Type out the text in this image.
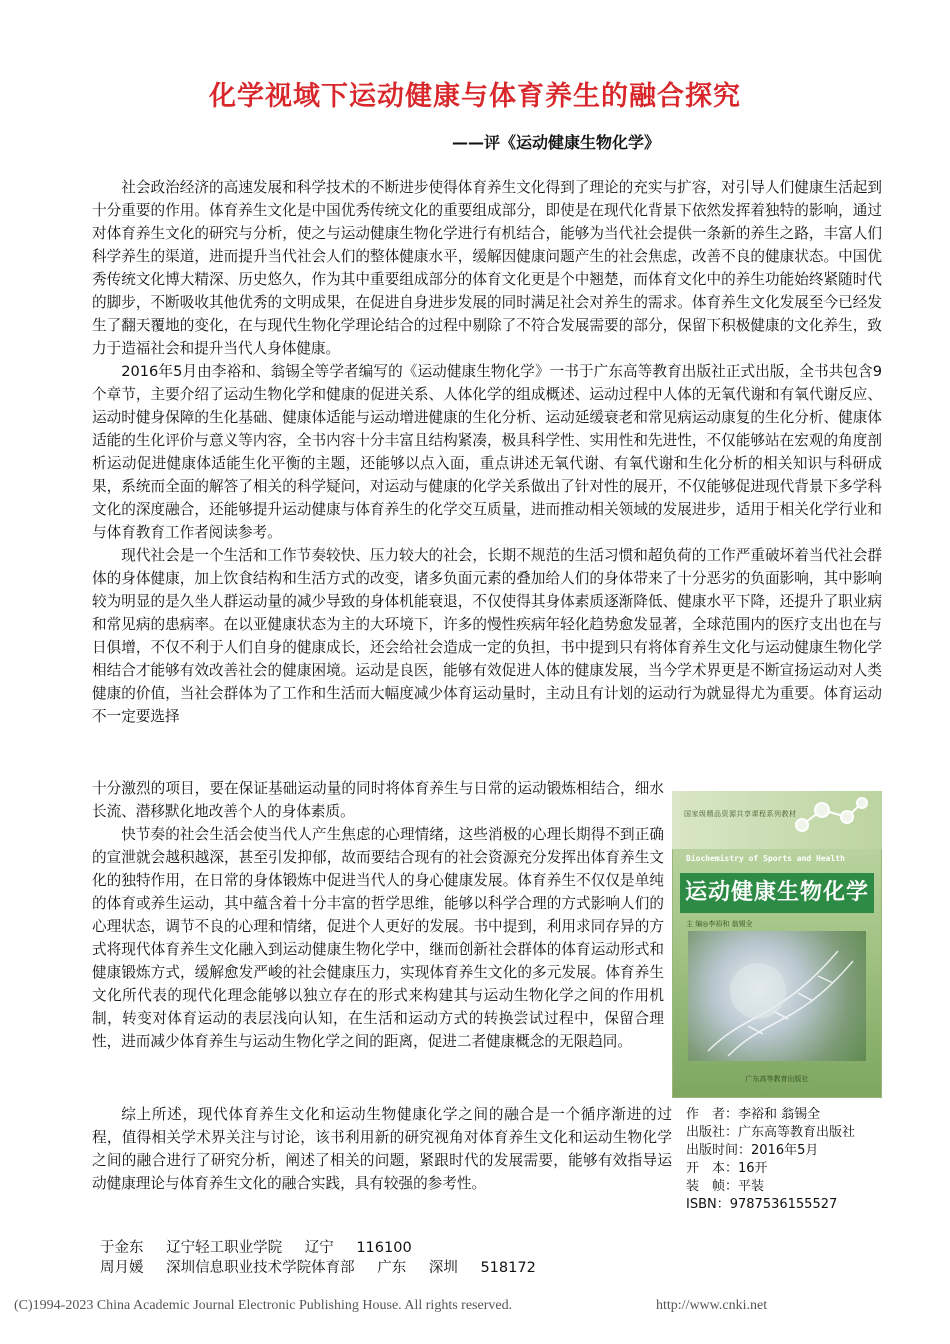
化学视域下运动健康与体育养生的融合探究
——评《运动健康生物化学》

社会政治经济的高速发展和科学技术的不断进步使得体育养生文化得到了理论的充实与扩容，对引导人们健康生活起到十分重要的作用。体育养生文化是中国优秀传统文化的重要组成部分，即使是在现代化背景下依然发挥着独特的影响，通过对体育养生文化的研究与分析，使之与运动健康生物化学进行有机结合，能够为当代社会提供一条新的养生之路，丰富人们科学养生的渠道，进而提升当代社会人们的整体健康水平，缓解因健康问题产生的社会焦虑，改善不良的健康状态。中国优秀传统文化博大精深、历史悠久，作为其中重要组成部分的体育文化更是个中翘楚，而体育文化中的养生功能始终紧随时代的脚步，不断吸收其他优秀的文明成果，在促进自身进步发展的同时满足社会对养生的需求。体育养生文化发展至今已经发生了翻天覆地的变化，在与现代生物化学理论结合的过程中剔除了不符合发展需要的部分，保留下积极健康的文化养生，致力于造福社会和提升当代人身体健康。

2016年5月由李裕和、翁锡全等学者编写的《运动健康生物化学》一书于广东高等教育出版社正式出版，全书共包含9个章节，主要介绍了运动生物化学和健康的促进关系、人体化学的组成概述、运动过程中人体的无氧代谢和有氧代谢反应、运动时健身保障的生化基础、健康体适能与运动增进健康的生化分析、运动延缓衰老和常见病运动康复的生化分析、健康体适能的生化评价与意义等内容，全书内容十分丰富且结构紧凑，极具科学性、实用性和先进性，不仅能够站在宏观的角度剖析运动促进健康体适能生化平衡的主题，还能够以点入面，重点讲述无氧代谢、有氧代谢和生化分析的相关知识与科研成果，系统而全面的解答了相关的科学疑问，对运动与健康的化学关系做出了针对性的展开，不仅能够促进现代背景下多学科文化的深度融合，还能够提升运动健康与体育养生的化学交互质量，进而推动相关领域的发展进步，适用于相关化学行业和与体育教育工作者阅读参考。

现代社会是一个生活和工作节奏较快、压力较大的社会，长期不规范的生活习惯和超负荷的工作严重破坏着当代社会群体的身体健康，加上饮食结构和生活方式的改变，诸多负面元素的叠加给人们的身体带来了十分恶劣的负面影响，其中影响较为明显的是久坐人群运动量的减少导致的身体机能衰退，不仅使得其身体素质逐渐降低、健康水平下降，还提升了职业病和常见病的患病率。在以亚健康状态为主的大环境下，许多的慢性疾病年轻化趋势愈发显著，全球范围内的医疗支出也在与日俱增，不仅不利于人们自身的健康成长，还会给社会造成一定的负担，书中提到只有将体育养生文化与运动健康生物化学相结合才能够有效改善社会的健康困境。运动是良医，能够有效促进人体的健康发展，当今学术界更是不断宣扬运动对人类健康的价值，当社会群体为了工作和生活而大幅度减少体育运动量时，主动且有计划的运动行为就显得尤为重要。体育运动不一定要选择

十分激烈的项目，要在保证基础运动量的同时将体育养生与日常的运动锻炼相结合，细水长流、潜移默化地改善个人的身体素质。

快节奏的社会生活会使当代人产生焦虑的心理情绪，这些消极的心理长期得不到正确的宣泄就会越积越深，甚至引发抑郁，故而要结合现有的社会资源充分发挥出体育养生文化的独特作用，在日常的身体锻炼中促进当代人的身心健康发展。体育养生不仅仅是单纯的体育或养生运动，其中蕴含着十分丰富的哲学思维，能够以科学合理的方式影响人们的心理状态，调节不良的心理和情绪，促进个人更好的发展。书中提到，利用求同存异的方式将现代体育养生文化融入到运动健康生物化学中，继而创新社会群体的体育运动形式和健康锻炼方式，缓解愈发严峻的社会健康压力，实现体育养生文化的多元发展。体育养生文化所代表的现代化理念能够以独立存在的形式来构建其与运动生物化学之间的作用机制，转变对体育运动的表层浅向认知，在生活和运动方式的转换尝试过程中，保留合理性，进而减少体育养生与运动生物化学之间的距离，促进二者健康概念的无限趋同。

综上所述，现代体育养生文化和运动生物健康化学之间的融合是一个循序渐进的过程，值得相关学术界关注与讨论，该书利用新的研究视角对体育养生文化和运动生物化学之间的融合进行了研究分析，阐述了相关的问题，紧跟时代的发展需要，能够有效指导运动健康理论与体育养生文化的融合实践，具有较强的参考性。

国家级精品资源共享课程系列教材
Biochemistry of Sports and Health
运动健康生物化学
主 编◎李裕和 翁锡全
广东高等教育出版社
作　者：李裕和 翁锡全
出版社：广东高等教育出版社
出版时间：2016年5月
开　本：16开
装　帧：平装
ISBN：9787536155527
于金东 辽宁轻工职业学院 辽宁 116100
周月媛 深圳信息职业技术学院体育部 广东 深圳 518172
(C)1994-2023 China Academic Journal Electronic Publishing House. All rights reserved.	http://www.cnki.net
